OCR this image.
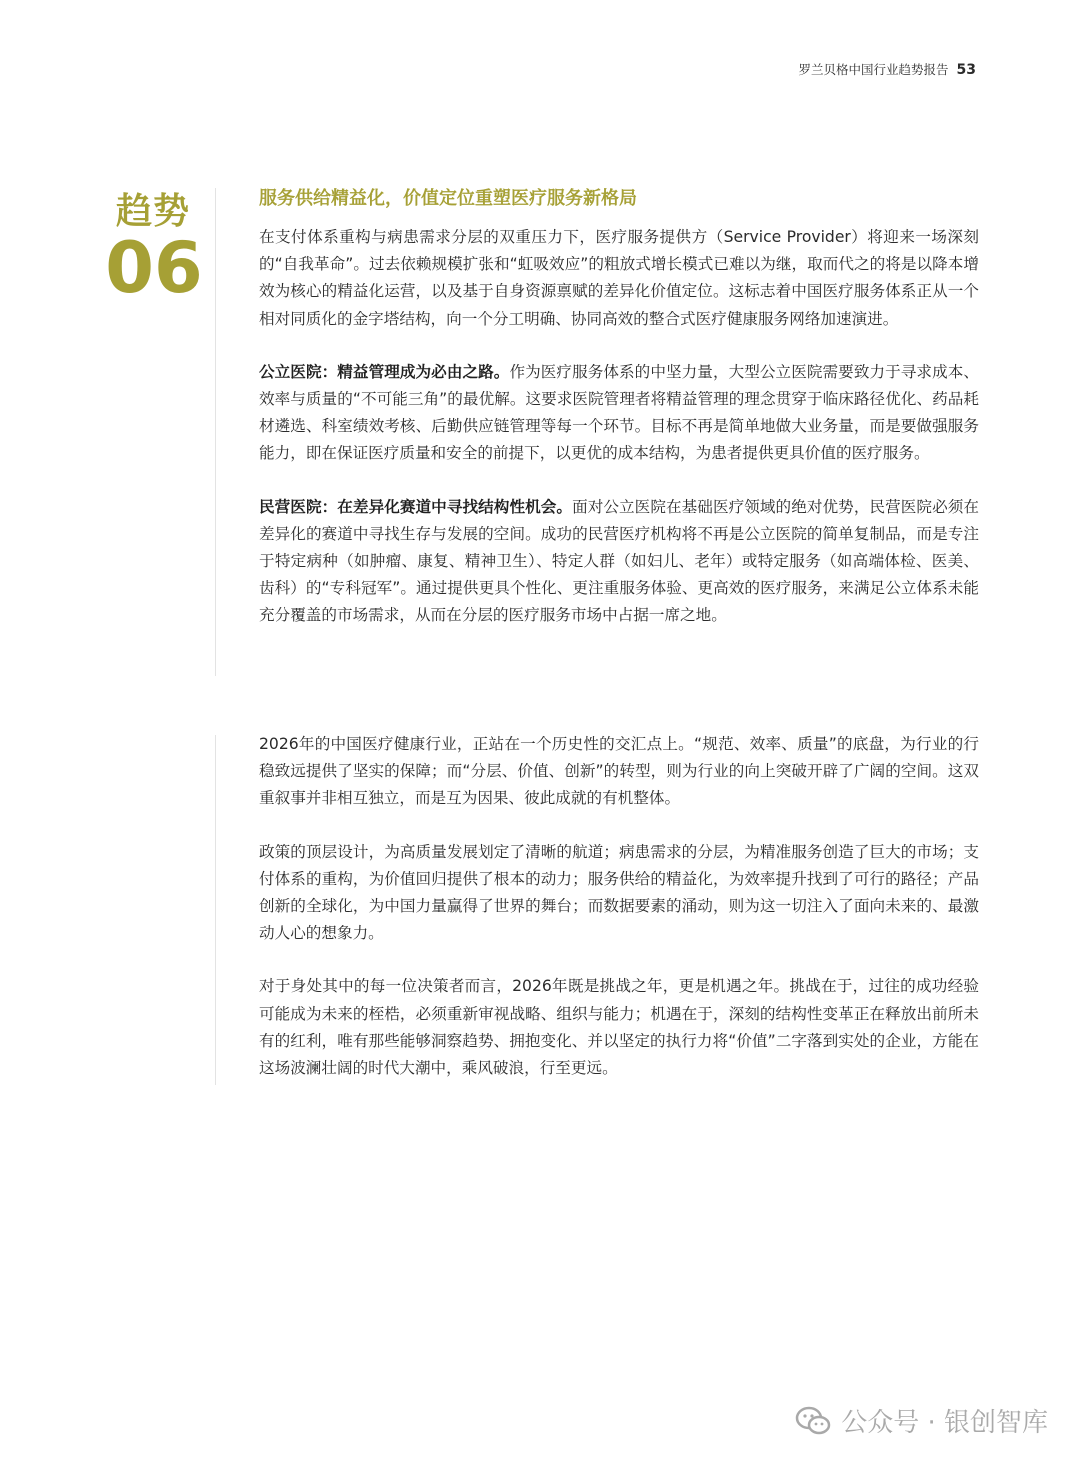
罗兰贝格中国行业趋势报告 53
趋势
06
服务供给精益化，价值定位重塑医疗服务新格局

在支付体系重构与病患需求分层的双重压力下，医疗服务提供方（Service Provider）将迎来一场深刻的“自我革命”。过去依赖规模扩张和“虹吸效应”的粗放式增长模式已难以为继，取而代之的将是以降本增效为核心的精益化运营，以及基于自身资源禀赋的差异化价值定位。这标志着中国医疗服务体系正从一个相对同质化的金字塔结构，向一个分工明确、协同高效的整合式医疗健康服务网络加速演进。

公立医院：精益管理成为必由之路。作为医疗服务体系的中坚力量，大型公立医院需要致力于寻求成本、效率与质量的“不可能三角”的最优解。这要求医院管理者将精益管理的理念贯穿于临床路径优化、药品耗材遴选、科室绩效考核、后勤供应链管理等每一个环节。目标不再是简单地做大业务量，而是要做强服务能力，即在保证医疗质量和安全的前提下，以更优的成本结构，为患者提供更具价值的医疗服务。

民营医院：在差异化赛道中寻找结构性机会。面对公立医院在基础医疗领域的绝对优势，民营医院必须在差异化的赛道中寻找生存与发展的空间。成功的民营医疗机构将不再是公立医院的简单复制品，而是专注于特定病种（如肿瘤、康复、精神卫生）、特定人群（如妇儿、老年）或特定服务（如高端体检、医美、齿科）的“专科冠军”。通过提供更具个性化、更注重服务体验、更高效的医疗服务，来满足公立体系未能充分覆盖的市场需求，从而在分层的医疗服务市场中占据一席之地。

2026年的中国医疗健康行业，正站在一个历史性的交汇点上。“规范、效率、质量”的底盘，为行业的行稳致远提供了坚实的保障；而“分层、价值、创新”的转型，则为行业的向上突破开辟了广阔的空间。这双重叙事并非相互独立，而是互为因果、彼此成就的有机整体。

政策的顶层设计，为高质量发展划定了清晰的航道；病患需求的分层，为精准服务创造了巨大的市场；支付体系的重构，为价值回归提供了根本的动力；服务供给的精益化，为效率提升找到了可行的路径；产品创新的全球化，为中国力量赢得了世界的舞台；而数据要素的涌动，则为这一切注入了面向未来的、最激动人心的想象力。

对于身处其中的每一位决策者而言，2026年既是挑战之年，更是机遇之年。挑战在于，过往的成功经验可能成为未来的桎梏，必须重新审视战略、组织与能力；机遇在于，深刻的结构性变革正在释放出前所未有的红利，唯有那些能够洞察趋势、拥抱变化、并以坚定的执行力将“价值”二字落到实处的企业，方能在这场波澜壮阔的时代大潮中，乘风破浪，行至更远。

公众号 · 银创智库
